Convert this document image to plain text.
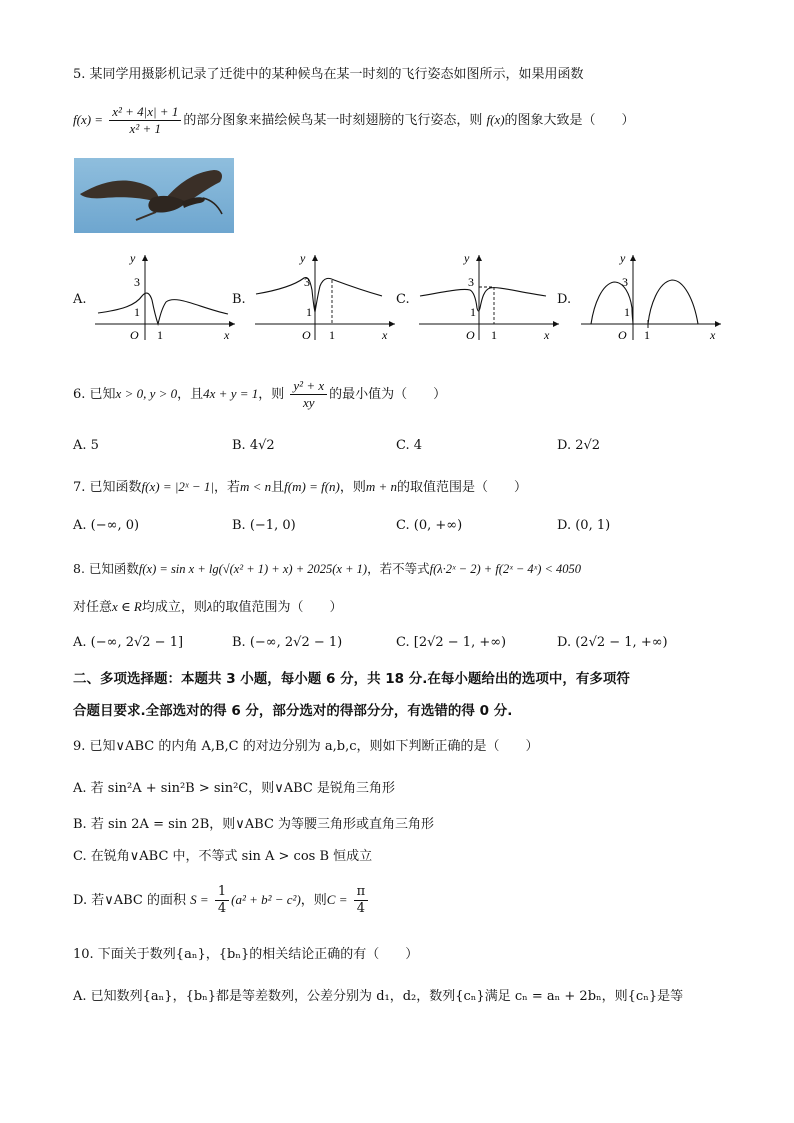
5. 某同学用摄影机记录了迁徙中的某种候鸟在某一时刻的飞行姿态如图所示，如果用函数
$f(x) = \frac{\text{x² + 4|x| + 1}}{\text{x² + 1}}$ 的部分图象来描绘候鸟某一时刻翅膀的飞行姿态，则 f(x)的图象大致是（　　）
A.
y
3
1
O 1	x
B.
y
3
1
O 1	x
C.
y
3
1
O 1	x
D.
y
3
1
O 1	x
6. 已知x > 0, y > 0，且4x + y = 1，则 $\frac{\text{y² + x}}{xy}$ 的最小值为（　　）
A. 5	B. 4√2	C. 4	D. 2√2
7. 已知函数f(x) = |2ˣ − 1|，若m < n且f(m) = f(n)，则m + n的取值范围是（　　）
A. (−∞, 0)	B. (−1, 0)	C. (0, +∞)	D. (0, 1)
8. 已知函数f(x) = sin x + lg(√(x² + 1) + x) + 2025(x + 1)，若不等式f(λ·2ˣ − 2) + f(2ˣ − 4ˣ) < 4050
对任意x ∈ R均成立，则λ的取值范围为（　　）
A. (−∞, 2√2 − 1]	B. (−∞, 2√2 − 1)	C. [2√2 − 1, +∞)	D. (2√2 − 1, +∞)
二、多项选择题：本题共 3 小题，每小题 6 分，共 18 分.在每小题给出的选项中，有多项符
合题目要求.全部选对的得 6 分，部分选对的得部分分，有选错的得 0 分.
9. 已知∨ABC 的内角 A,B,C 的对边分别为 a,b,c，则如下判断正确的是（　　）
A. 若 sin²A + sin²B > sin²C，则∨ABC 是锐角三角形
B. 若 sin 2A = sin 2B，则∨ABC 为等腰三角形或直角三角形
C. 在锐角∨ABC 中，不等式 sin A > cos B 恒成立
D. 若∨ABC 的面积 $S = \frac{1}{4} (a^2 + b^2 - c^2)$，则$C = \frac{\pi}{4}$
10. 下面关于数列{aₙ}，{bₙ}的相关结论正确的有（　　）
A. 已知数列{aₙ}，{bₙ}都是等差数列，公差分别为 d₁，d₂，数列{cₙ}满足 cₙ = aₙ + 2bₙ，则{cₙ}是等
